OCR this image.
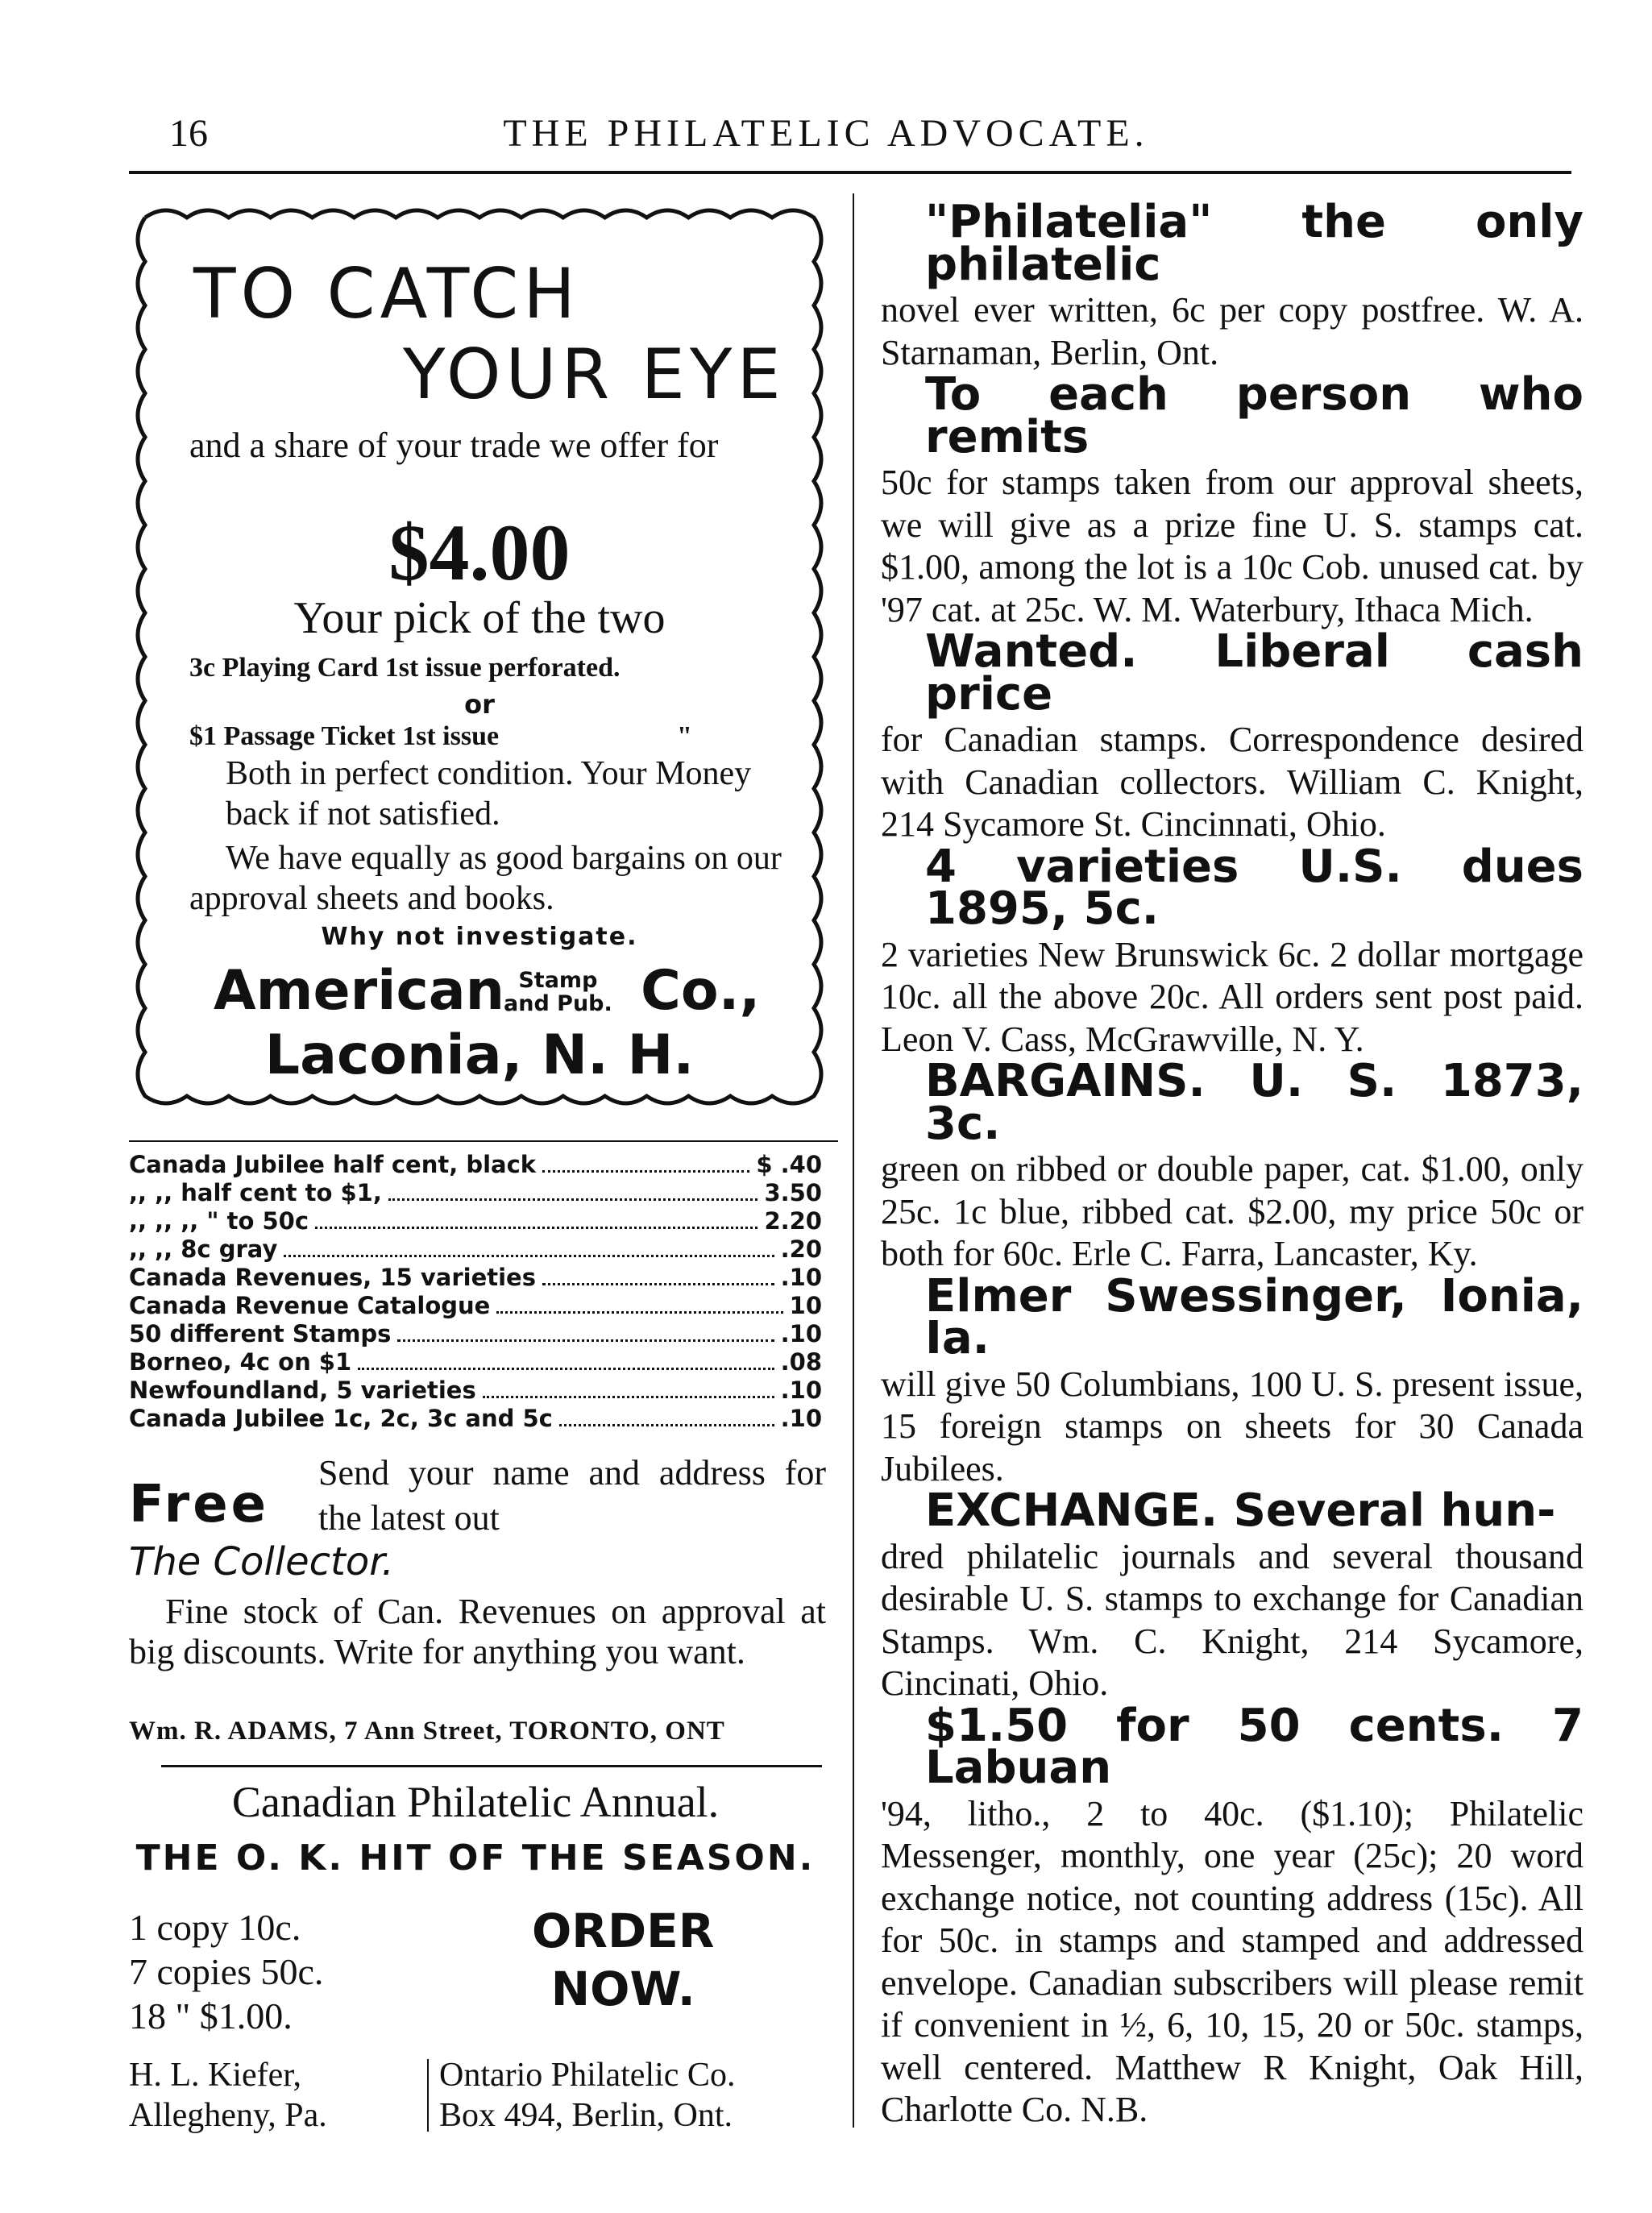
16	THE PHILATELIC ADVOCATE.
TO CATCH
YOUR EYE
and a share of your trade we offer for
$4.00
Your pick of the two
3c Playing Card 1st issue perforated.
or
$1 Passage Ticket 1st issue	"
Both in perfect condition. Your Money back if not satisfied.
We have equally as good bargains on our approval sheets and books.
Why not investigate.
American Stamp
and Pub. Co.,
Laconia, N. H.
Canada Jubilee half cent, black	$ .40
,, ,, half cent to $1,	3.50
,, ,, ,, " to 50c	2.20
,, ,, 8c gray	.20
Canada Revenues, 15 varieties	.10
Canada Revenue Catalogue	10
50 different Stamps	.10
Borneo, 4c on $1	.08
Newfoundland, 5 varieties	.10
Canada Jubilee 1c, 2c, 3c and 5c	.10
Free
Send your name and address for the latest out
The Collector.
Fine stock of Can. Revenues on approval at big discounts. Write for anything you want.
Wm. R. ADAMS, 7 Ann Street, TORONTO, ONT
Canadian Philatelic Annual.
THE O. K. HIT OF THE SEASON.
1 copy 10c.
7 copies 50c.
18 " $1.00.
ORDER
NOW.
H. L. Kiefer,
Allegheny, Pa.
Ontario Philatelic Co.
Box 494, Berlin, Ont.

"Philatelia" the only philatelic novel ever written, 6c per copy postfree. W. A. Starnaman, Berlin, Ont.

To each person who remits 50c for stamps taken from our approval sheets, we will give as a prize fine U. S. stamps cat. $1.00, among the lot is a 10c Cob. unused cat. by '97 cat. at 25c. W. M. Waterbury, Ithaca Mich.

Wanted. Liberal cash price for Canadian stamps. Correspondence desired with Canadian collectors. William C. Knight, 214 Sycamore St. Cincinnati, Ohio.

4 varieties U.S. dues 1895, 5c. 2 varieties New Brunswick 6c. 2 dollar mortgage 10c. all the above 20c. All orders sent post paid. Leon V. Cass, McGrawville, N. Y.

BARGAINS. U. S. 1873, 3c. green on ribbed or double paper, cat. $1.00, only 25c. 1c blue, ribbed cat. $2.00, my price 50c or both for 60c. Erle C. Farra, Lancaster, Ky.

Elmer Swessinger, Ionia, Ia. will give 50 Columbians, 100 U. S. present issue, 15 foreign stamps on sheets for 30 Canada Jubilees.

EXCHANGE. Several hun- dred philatelic journals and several thousand desirable U. S. stamps to exchange for Canadian Stamps. Wm. C. Knight, 214 Sycamore, Cincinati, Ohio.

$1.50 for 50 cents. 7 Labuan '94, litho., 2 to 40c. ($1.10); Philatelic Messenger, monthly, one year (25c); 20 word exchange notice, not counting address (15c). All for 50c. in stamps and stamped and addressed envelope. Canadian subscribers will please remit if convenient in ½, 6, 10, 15, 20 or 50c. stamps, well centered. Matthew R Knight, Oak Hill, Charlotte Co. N.B.
